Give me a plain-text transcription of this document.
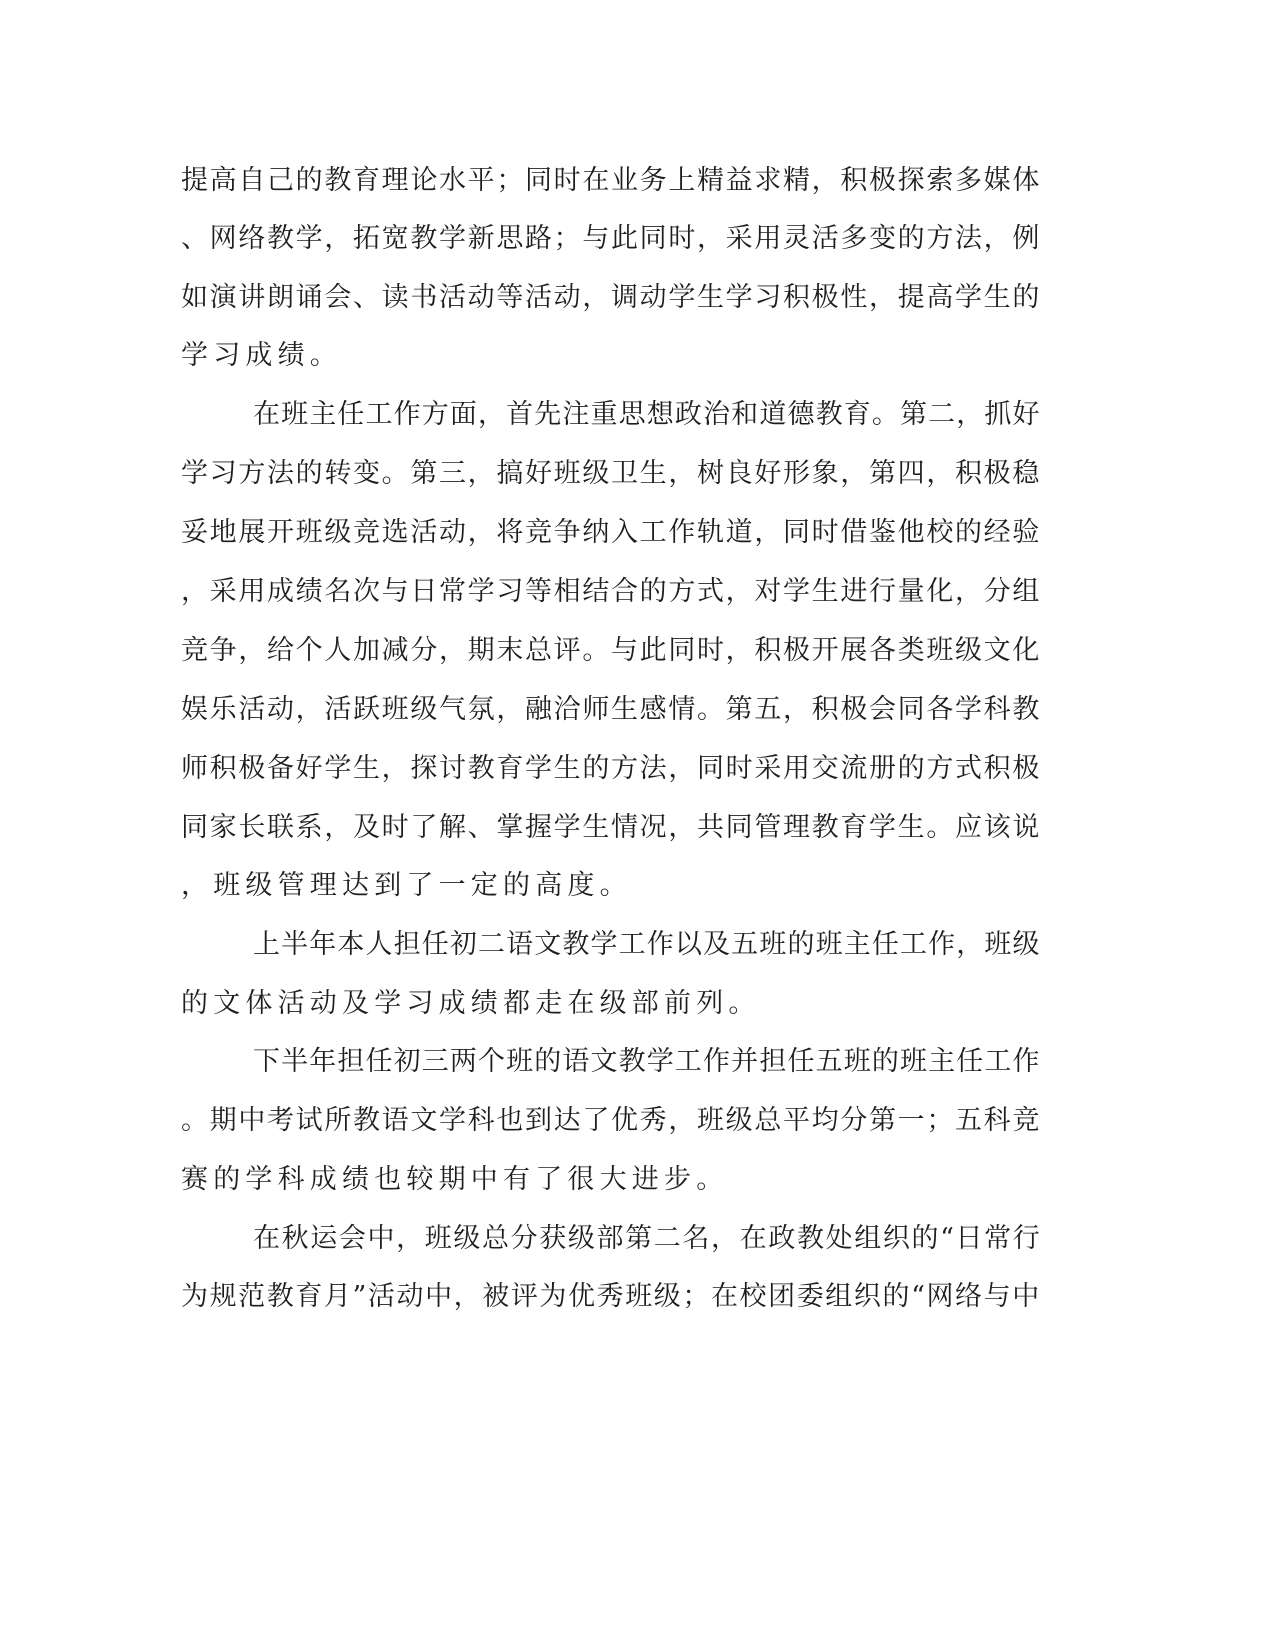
提高自己的教育理论水平；同时在业务上精益求精，积极探索多媒体
、网络教学，拓宽教学新思路；与此同时，采用灵活多变的方法，例
如演讲朗诵会、读书活动等活动，调动学生学习积极性，提高学生的
学习成绩。
在班主任工作方面，首先注重思想政治和道德教育。第二，抓好
学习方法的转变。第三，搞好班级卫生，树良好形象，第四，积极稳
妥地展开班级竞选活动，将竞争纳入工作轨道，同时借鉴他校的经验
，采用成绩名次与日常学习等相结合的方式，对学生进行量化，分组
竞争，给个人加减分，期末总评。与此同时，积极开展各类班级文化
娱乐活动，活跃班级气氛，融洽师生感情。第五，积极会同各学科教
师积极备好学生，探讨教育学生的方法，同时采用交流册的方式积极
同家长联系，及时了解、掌握学生情况，共同管理教育学生。应该说
，班级管理达到了一定的高度。
上半年本人担任初二语文教学工作以及五班的班主任工作，班级
的文体活动及学习成绩都走在级部前列。
下半年担任初三两个班的语文教学工作并担任五班的班主任工作
。期中考试所教语文学科也到达了优秀，班级总平均分第一；五科竞
赛的学科成绩也较期中有了很大进步。
在秋运会中，班级总分获级部第二名，在政教处组织的“日常行
为规范教育月”活动中，被评为优秀班级；在校团委组织的“网络与中
